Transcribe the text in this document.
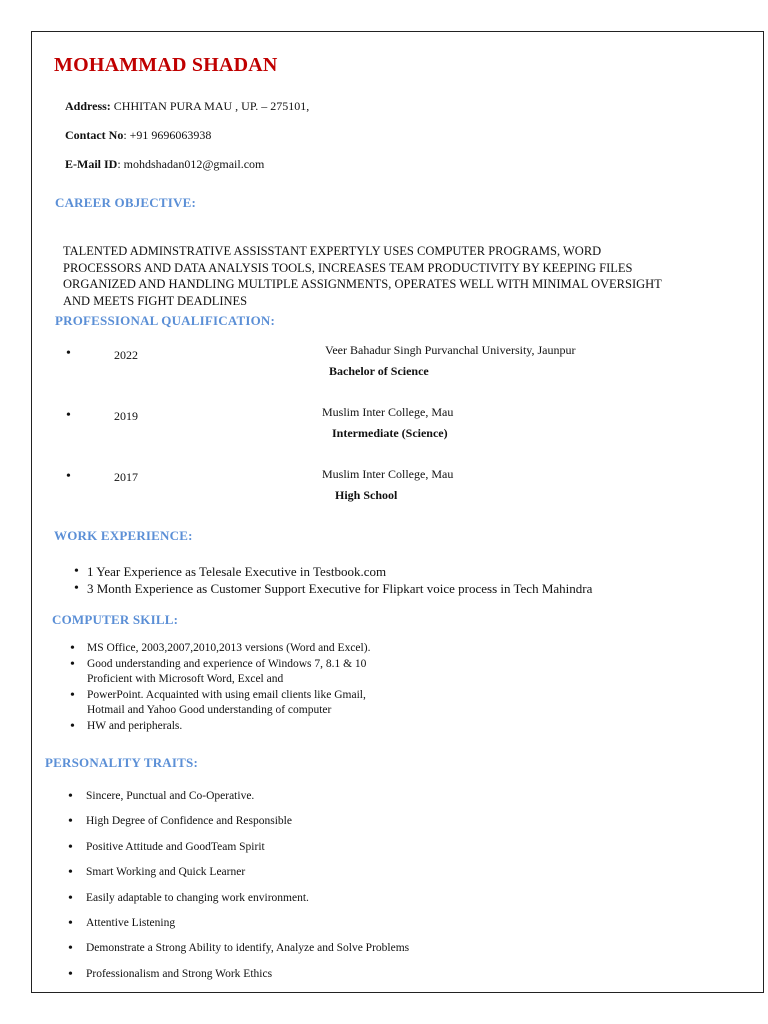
MOHAMMAD SHADAN
Address: CHHITAN PURA MAU , UP. – 275101,
Contact No: +91 9696063938
E-Mail ID: mohdshadan012@gmail.com
CAREER OBJECTIVE:
TALENTED ADMINSTRATIVE ASSISSTANT EXPERTYLY USES COMPUTER PROGRAMS, WORD PROCESSORS AND DATA ANALYSIS TOOLS, INCREASES TEAM PRODUCTIVITY BY KEEPING FILES ORGANIZED AND HANDLING MULTIPLE ASSIGNMENTS, OPERATES WELL WITH MINIMAL OVERSIGHT AND MEETS FIGHT DEADLINES
PROFESSIONAL QUALIFICATION:
•	2022	Veer Bahadur Singh Purvanchal University, Jaunpur
Bachelor of Science
•	2019	Muslim Inter College, Mau
Intermediate (Science)
•	2017	Muslim Inter College, Mau
High School
WORK EXPERIENCE:
• 1 Year Experience as Telesale Executive in Testbook.com
• 3 Month Experience as Customer Support Executive for Flipkart voice process in Tech Mahindra
COMPUTER SKILL:
• MS Office, 2003,2007,2010,2013 versions (Word and Excel).
• Good understanding and experience of Windows 7, 8.1 & 10
Proficient with Microsoft Word, Excel and
• PowerPoint. Acquainted with using email clients like Gmail,
Hotmail and Yahoo Good understanding of computer
• HW and peripherals.
PERSONALITY TRAITS:
• Sincere, Punctual and Co-Operative.
• High Degree of Confidence and Responsible
• Positive Attitude and GoodTeam Spirit
• Smart Working and Quick Learner
• Easily adaptable to changing work environment.
• Attentive Listening
• Demonstrate a Strong Ability to identify, Analyze and Solve Problems
• Professionalism and Strong Work Ethics
